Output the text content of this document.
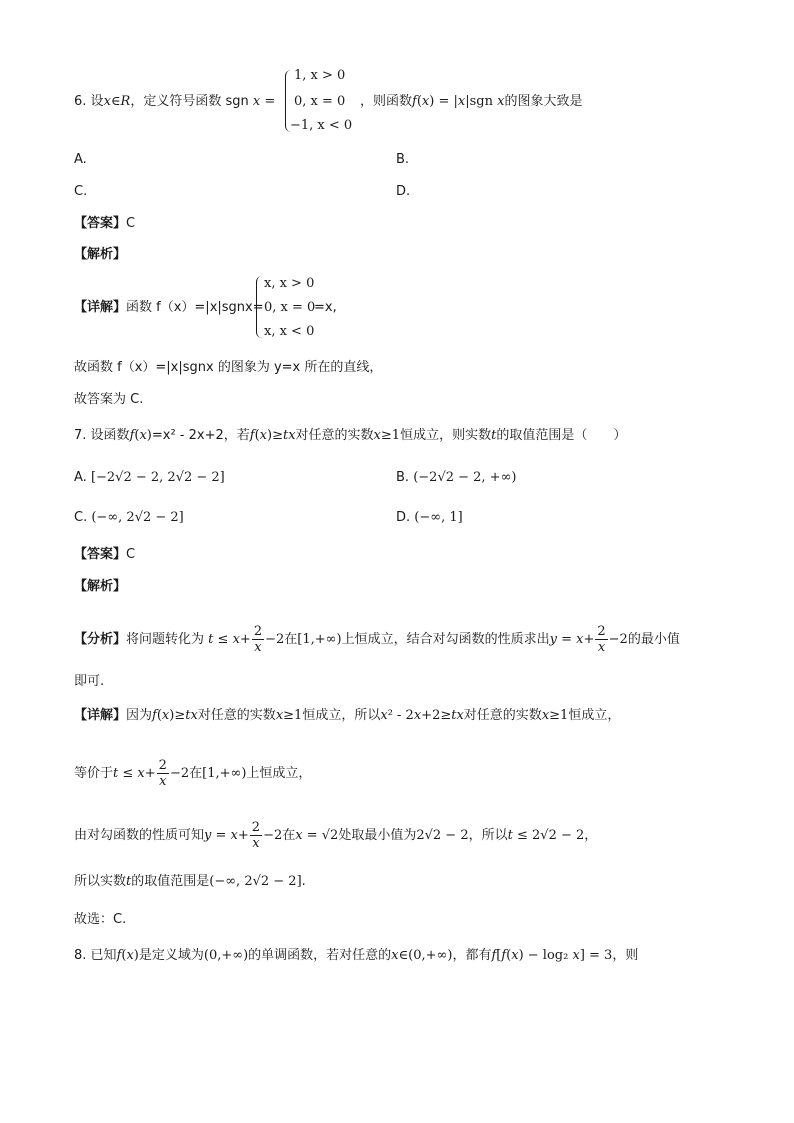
6. 设x∈R，定义符号函数 sgn x =
1, x > 0
0, x = 0
−1, x < 0
，则函数f(x) = |x|sgn x的图象大致是
A.	B.
C.	D.
【答案】C
【解析】
【详解】函数 f（x）=|x|sgnx=
x, x > 0
0, x = 0
x, x < 0
=x,
故函数 f（x）=|x|sgnx 的图象为 y=x 所在的直线，
故答案为 C.
7. 设函数f(x)=x² - 2x+2，若f(x)≥tx对任意的实数x≥1恒成立，则实数t的取值范围是（　　）
A. [−2√2 − 2, 2√2 − 2]	B. (−2√2 − 2, +∞)
C. (−∞, 2√2 − 2]	D. (−∞, 1]
【答案】C
【解析】
【分析】将问题转化为 $t \le x+ \frac{2}{x} -2$在[1,+∞)上恒成立，结合对勾函数的性质求出$y = x+ \frac{2}{x} -2$的最小值
即可.
【详解】因为f(x)≥tx对任意的实数x≥1恒成立，所以x² - 2x+2≥tx对任意的实数x≥1恒成立，
等价于$t \le x+ \frac{2}{x} -2$在[1,+∞)上恒成立，
由对勾函数的性质可知$y = x+ \frac{2}{x} -2$在x = √2处取最小值为2√2 − 2，所以t ≤ 2√2 − 2，
所以实数t的取值范围是(−∞, 2√2 − 2].
故选：C.
8. 已知f(x)是定义域为(0,+∞)的单调函数，若对任意的x∈(0,+∞)，都有f[f(x) − log₂ x] = 3，则
